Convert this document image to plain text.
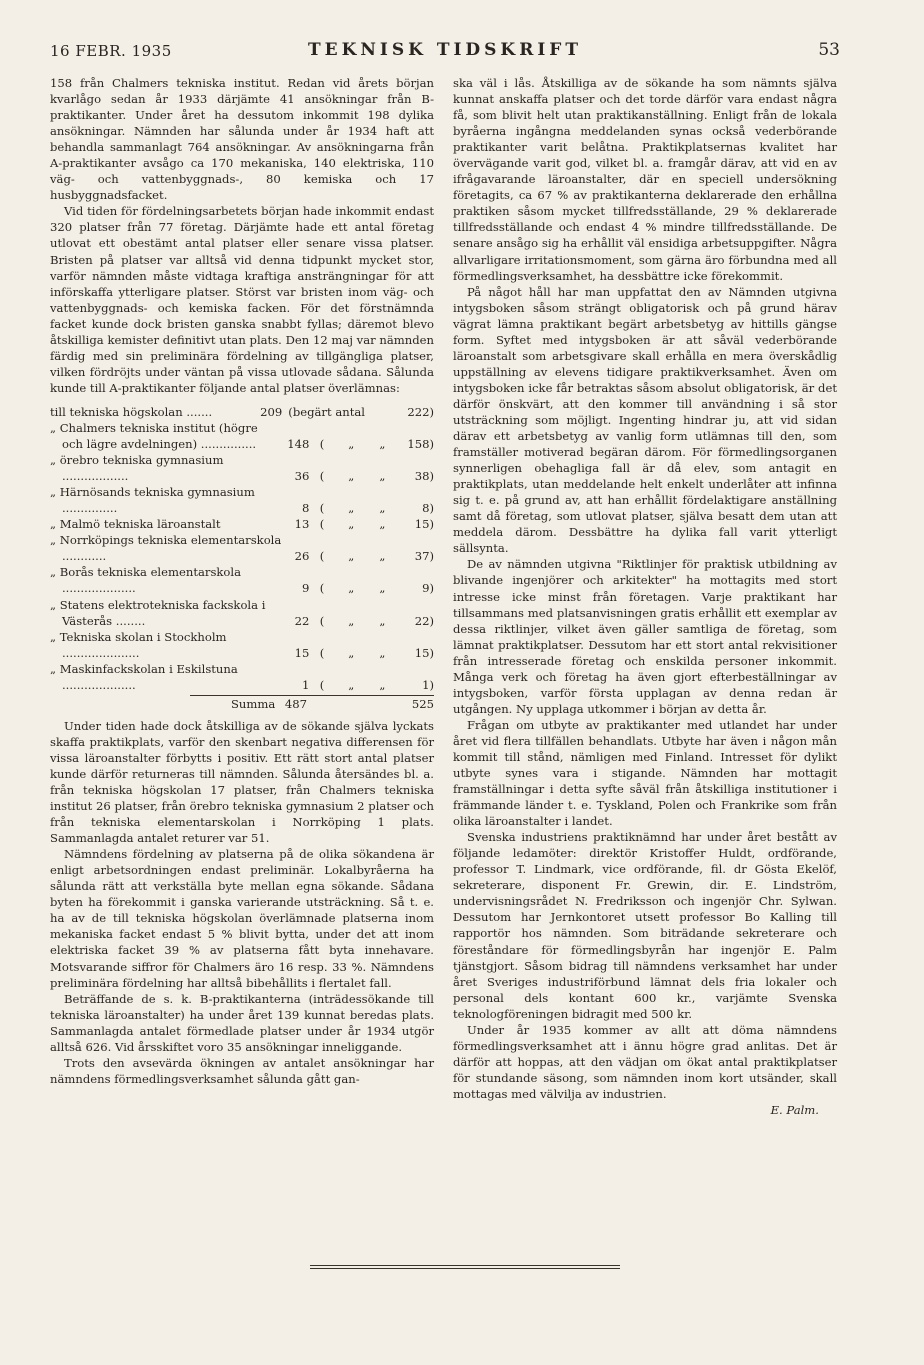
16 FEBR. 1935	TEKNISK TIDSKRIFT	53

158 från Chalmers tekniska institut. Redan vid årets början kvarlågo sedan år 1933 därjämte 41 ansökningar från B-praktikanter. Under året ha dessutom inkommit 198 dylika ansökningar. Nämnden har sålunda under år 1934 haft att behandla sammanlagt 764 ansökningar. Av ansökningarna från A-praktikanter avsågo ca 170 mekaniska, 140 elektriska, 110 väg- och vattenbyggnads-, 80 kemiska och 17 husbyggnadsfacket.

Vid tiden för fördelningsarbetets början hade inkommit endast 320 platser från 77 företag. Därjämte hade ett antal företag utlovat ett obestämt antal platser eller senare vissa platser. Bristen på platser var alltså vid denna tidpunkt mycket stor, varför nämnden måste vidtaga kraftiga ansträngningar för att införskaffa ytterligare platser. Störst var bristen inom väg- och vattenbyggnads- och kemiska facken. För det förstnämnda facket kunde dock bristen ganska snabbt fyllas; däremot blevo åtskilliga kemister definitivt utan plats. Den 12 maj var nämnden färdig med sin preliminära fördelning av tillgängliga platser, vilken fördröjts under väntan på vissa utlovade sådana. Sålunda kunde till A-praktikanter följande antal platser överlämnas:

till tekniska högskolan .......	209 (begärt antal	222)
„ Chalmers tekniska institut (högre och lägre avdelningen) ...............	148 (	„	„	158)
„ örebro tekniska gymnasium ..................	36 (	„	„	38)
„ Härnösands tekniska gymnasium ...............	8 (	„	„	8)
„ Malmö tekniska läroanstalt	13 (	„	„	15)
„ Norrköpings tekniska elementarskola ............	26 (	„	„	37)
„ Borås tekniska elementarskola ....................	9 (	„	„	9)
„ Statens elektrotekniska fackskola i Västerås ........	22 (	„	„	22)
„ Tekniska skolan i Stockholm .....................	15 (	„	„	15)
„ Maskinfackskolan i Eskilstuna ....................	1 (	„	„	1)
Summa 487	525

Under tiden hade dock åtskilliga av de sökande själva lyckats skaffa praktikplats, varför den skenbart negativa differensen för vissa läroanstalter förbytts i positiv. Ett rätt stort antal platser kunde därför returneras till nämnden. Sålunda återsändes bl. a. från tekniska högskolan 17 platser, från Chalmers tekniska institut 26 platser, från örebro tekniska gymnasium 2 platser och från tekniska elementarskolan i Norrköping 1 plats. Sammanlagda antalet returer var 51.

Nämndens fördelning av platserna på de olika sökandena är enligt arbetsordningen endast preliminär. Lokalbyråerna ha sålunda rätt att verkställa byte mellan egna sökande. Sådana byten ha förekommit i ganska varierande utsträckning. Så t. e. ha av de till tekniska högskolan överlämnade platserna inom mekaniska facket endast 5 % blivit bytta, under det att inom elektriska facket 39 % av platserna fått byta innehavare. Motsvarande siffror för Chalmers äro 16 resp. 33 %. Nämndens preliminära fördelning har alltså bibehållits i flertalet fall.

Beträffande de s. k. B-praktikanterna (inträdessökande till tekniska läroanstalter) ha under året 139 kunnat beredas plats. Sammanlagda antalet förmedlade platser under år 1934 utgör alltså 626. Vid årsskiftet voro 35 ansökningar inneliggande.

Trots den avsevärda ökningen av antalet ansökningar har nämndens förmedlingsverksamhet sålunda gått gan-

ska väl i lås. Åtskilliga av de sökande ha som nämnts själva kunnat anskaffa platser och det torde därför vara endast några få, som blivit helt utan praktikanställning. Enligt från de lokala byråerna ingångna meddelanden synas också vederbörande praktikanter varit belåtna. Praktikplatsernas kvalitet har övervägande varit god, vilket bl. a. framgår därav, att vid en av ifrågavarande läroanstalter, där en speciell undersökning företagits, ca 67 % av praktikanterna deklarerade den erhållna praktiken såsom mycket tillfredsställande, 29 % deklarerade tillfredsställande och endast 4 % mindre tillfredsställande. De senare ansågo sig ha erhållit väl ensidiga arbetsuppgifter. Några allvarligare irritationsmoment, som gärna äro förbundna med all förmedlingsverksamhet, ha dessbättre icke förekommit.

På något håll har man uppfattat den av Nämnden utgivna intygsboken såsom strängt obligatorisk och på grund härav vägrat lämna praktikant begärt arbetsbetyg av hittills gängse form. Syftet med intygsboken är att såväl vederbörande läroanstalt som arbetsgivare skall erhålla en mera överskådlig uppställning av elevens tidigare praktikverksamhet. Även om intygsboken icke får betraktas såsom absolut obligatorisk, är det därför önskvärt, att den kommer till användning i så stor utsträckning som möjligt. Ingenting hindrar ju, att vid sidan därav ett arbetsbetyg av vanlig form utlämnas till den, som framställer motiverad begäran därom. För förmedlingsorganen synnerligen obehagliga fall är då elev, som antagit en praktikplats, utan meddelande helt enkelt underlåter att infinna sig t. e. på grund av, att han erhållit fördelaktigare anställning samt då företag, som utlovat platser, själva besatt dem utan att meddela därom. Dessbättre ha dylika fall varit ytterligt sällsynta.

De av nämnden utgivna "Riktlinjer för praktisk utbildning av blivande ingenjörer och arkitekter" ha mottagits med stort intresse icke minst från företagen. Varje praktikant har tillsammans med platsanvisningen gratis erhållit ett exemplar av dessa riktlinjer, vilket även gäller samtliga de företag, som lämnat praktikplatser. Dessutom har ett stort antal rekvisitioner från intresserade företag och enskilda personer inkommit. Många verk och företag ha även gjort efterbeställningar av intygsboken, varför första upplagan av denna redan är utgången. Ny upplaga utkommer i början av detta år.

Frågan om utbyte av praktikanter med utlandet har under året vid flera tillfällen behandlats. Utbyte har även i någon mån kommit till stånd, nämligen med Finland. Intresset för dylikt utbyte synes vara i stigande. Nämnden har mottagit framställningar i detta syfte såväl från åtskilliga institutioner i främmande länder t. e. Tyskland, Polen och Frankrike som från olika läroanstalter i landet.

Svenska industriens praktiknämnd har under året bestått av följande ledamöter: direktör Kristoffer Huldt, ordförande, professor T. Lindmark, vice ordförande, fil. dr Gösta Ekelöf, sekreterare, disponent Fr. Grewin, dir. E. Lindström, undervisningsrådet N. Fredriksson och ingenjör Chr. Sylwan. Dessutom har Jernkontoret utsett professor Bo Kalling till rapportör hos nämnden. Som biträdande sekreterare och föreståndare för förmedlingsbyrån har ingenjör E. Palm tjänstgjort. Såsom bidrag till nämndens verksamhet har under året Sveriges industriförbund lämnat dels fria lokaler och personal dels kontant 600 kr., varjämte Svenska teknologföreningen bidragit med 500 kr.

Under år 1935 kommer av allt att döma nämndens förmedlingsverksamhet att i ännu högre grad anlitas. Det är därför att hoppas, att den vädjan om ökat antal praktikplatser för stundande säsong, som nämnden inom kort utsänder, skall mottagas med välvilja av industrien.

E. Palm.
